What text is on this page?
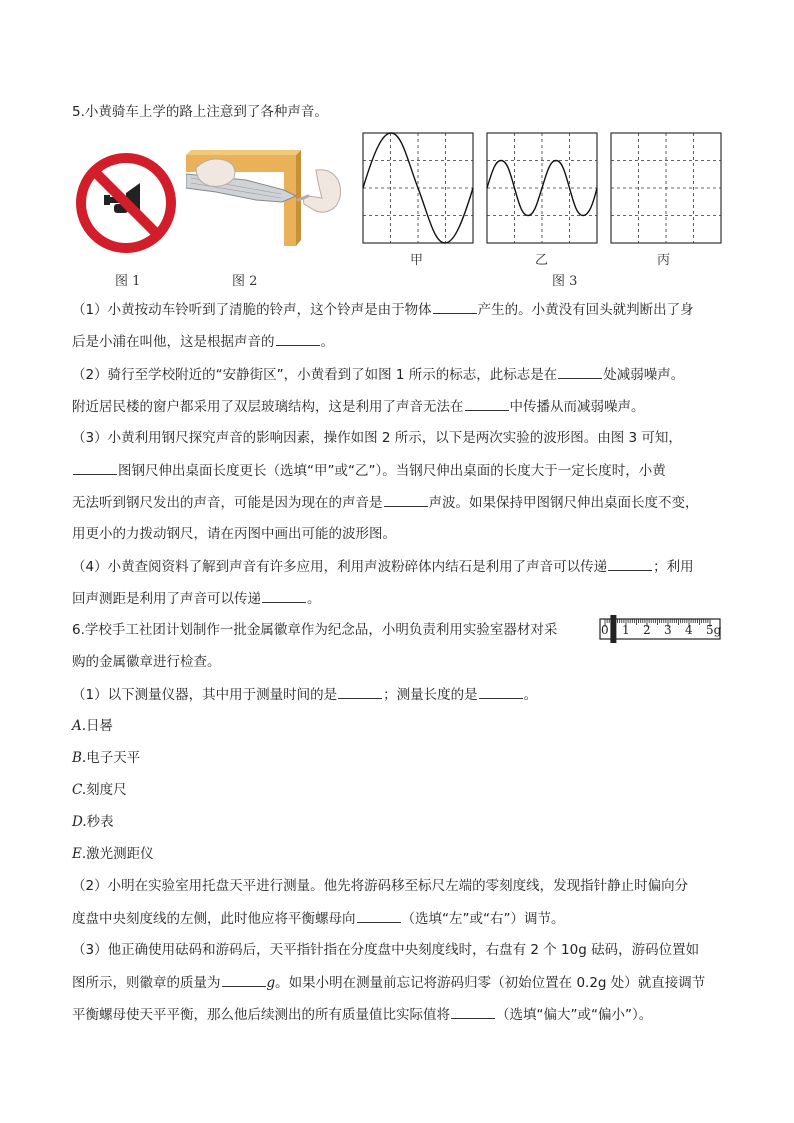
5.小黄骑车上学的路上注意到了各种声音。
甲	乙	丙
图 1	图 2	图 3
（1）小黄按动车铃听到了清脆的铃声，这个铃声是由于物体	产生的。小黄没有回头就判断出了身
后是小浦在叫他，这是根据声音的	。
（2）骑行至学校附近的“安静街区”，小黄看到了如图 1 所示的标志，此标志是在	处减弱噪声。
附近居民楼的窗户都采用了双层玻璃结构，这是利用了声音无法在	中传播从而减弱噪声。
（3）小黄利用钢尺探究声音的影响因素，操作如图 2 所示，以下是两次实验的波形图。由图 3 可知，
图钢尺伸出桌面长度更长（选填“甲”或“乙”）。当钢尺伸出桌面的长度大于一定长度时，小黄
无法听到钢尺发出的声音，可能是因为现在的声音是	声波。如果保持甲图钢尺伸出桌面长度不变，
用更小的力拨动钢尺，请在丙图中画出可能的波形图。
（4）小黄查阅资料了解到声音有许多应用，利用声波粉碎体内结石是利用了声音可以传递	；利用
回声测距是利用了声音可以传递	。
6.学校手工社团计划制作一批金属徽章作为纪念品，小明负责利用实验室器材对采
购的金属徽章进行检查。
0 1 2 3 4 5g
（1）以下测量仪器，其中用于测量时间的是	；测量长度的是	。
A.日晷
B.电子天平
C.刻度尺
D.秒表
E.激光测距仪
（2）小明在实验室用托盘天平进行测量。他先将游码移至标尺左端的零刻度线，发现指针静止时偏向分
度盘中央刻度线的左侧，此时他应将平衡螺母向	（选填“左”或“右”）调节。
（3）他正确使用砝码和游码后，天平指针指在分度盘中央刻度线时，右盘有 2 个 10g 砝码，游码位置如
图所示，则徽章的质量为	g。如果小明在测量前忘记将游码归零（初始位置在 0.2g 处）就直接调节
平衡螺母使天平平衡，那么他后续测出的所有质量值比实际值将	（选填“偏大”或“偏小”）。
